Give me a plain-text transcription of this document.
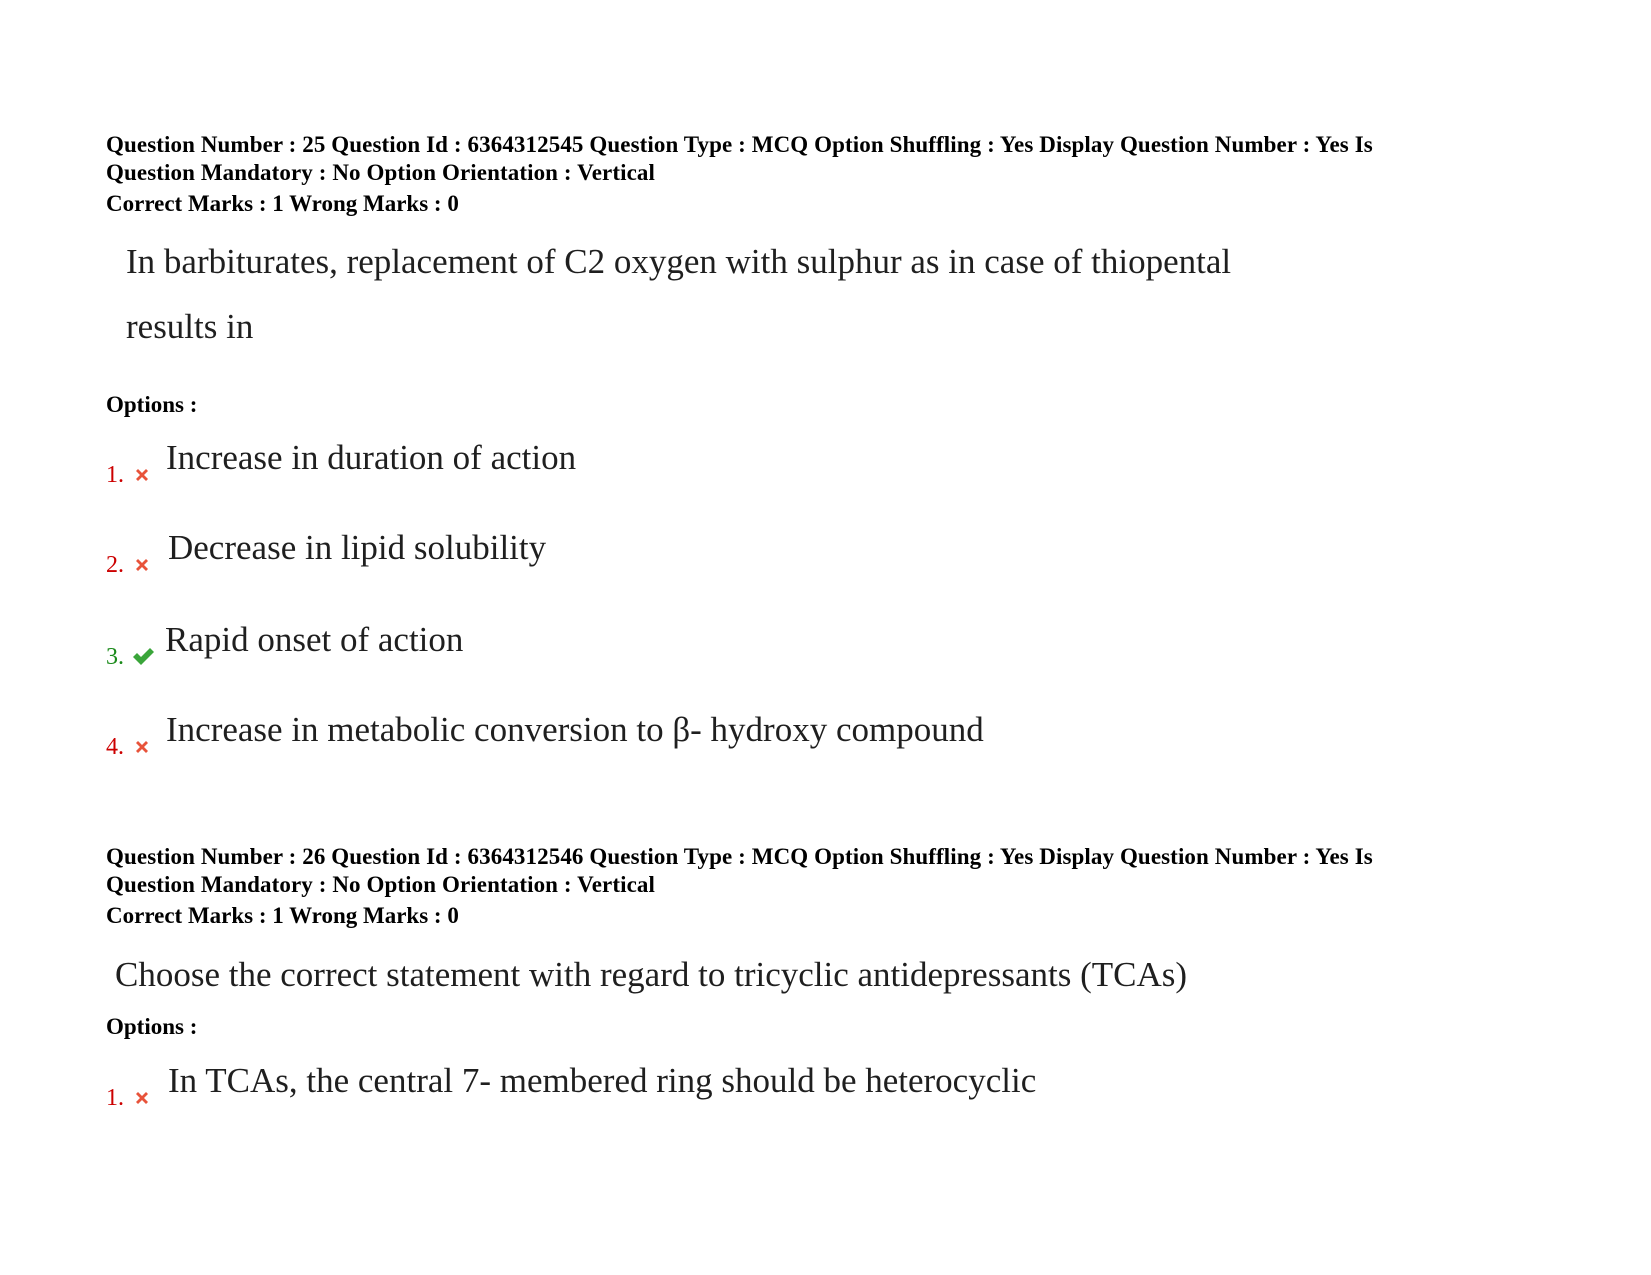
Question Number : 25 Question Id : 6364312545 Question Type : MCQ Option Shuffling : Yes Display Question Number : Yes Is
Question Mandatory : No Option Orientation : Vertical
Correct Marks : 1 Wrong Marks : 0
In barbiturates, replacement of C2 oxygen with sulphur as in case of thiopental
results in
Options :
1. Increase in duration of action
2. Decrease in lipid solubility
3. Rapid onset of action
4. Increase in metabolic conversion to β- hydroxy compound
Question Number : 26 Question Id : 6364312546 Question Type : MCQ Option Shuffling : Yes Display Question Number : Yes Is
Question Mandatory : No Option Orientation : Vertical
Correct Marks : 1 Wrong Marks : 0
Choose the correct statement with regard to tricyclic antidepressants (TCAs)
Options :
1. In TCAs, the central 7- membered ring should be heterocyclic
